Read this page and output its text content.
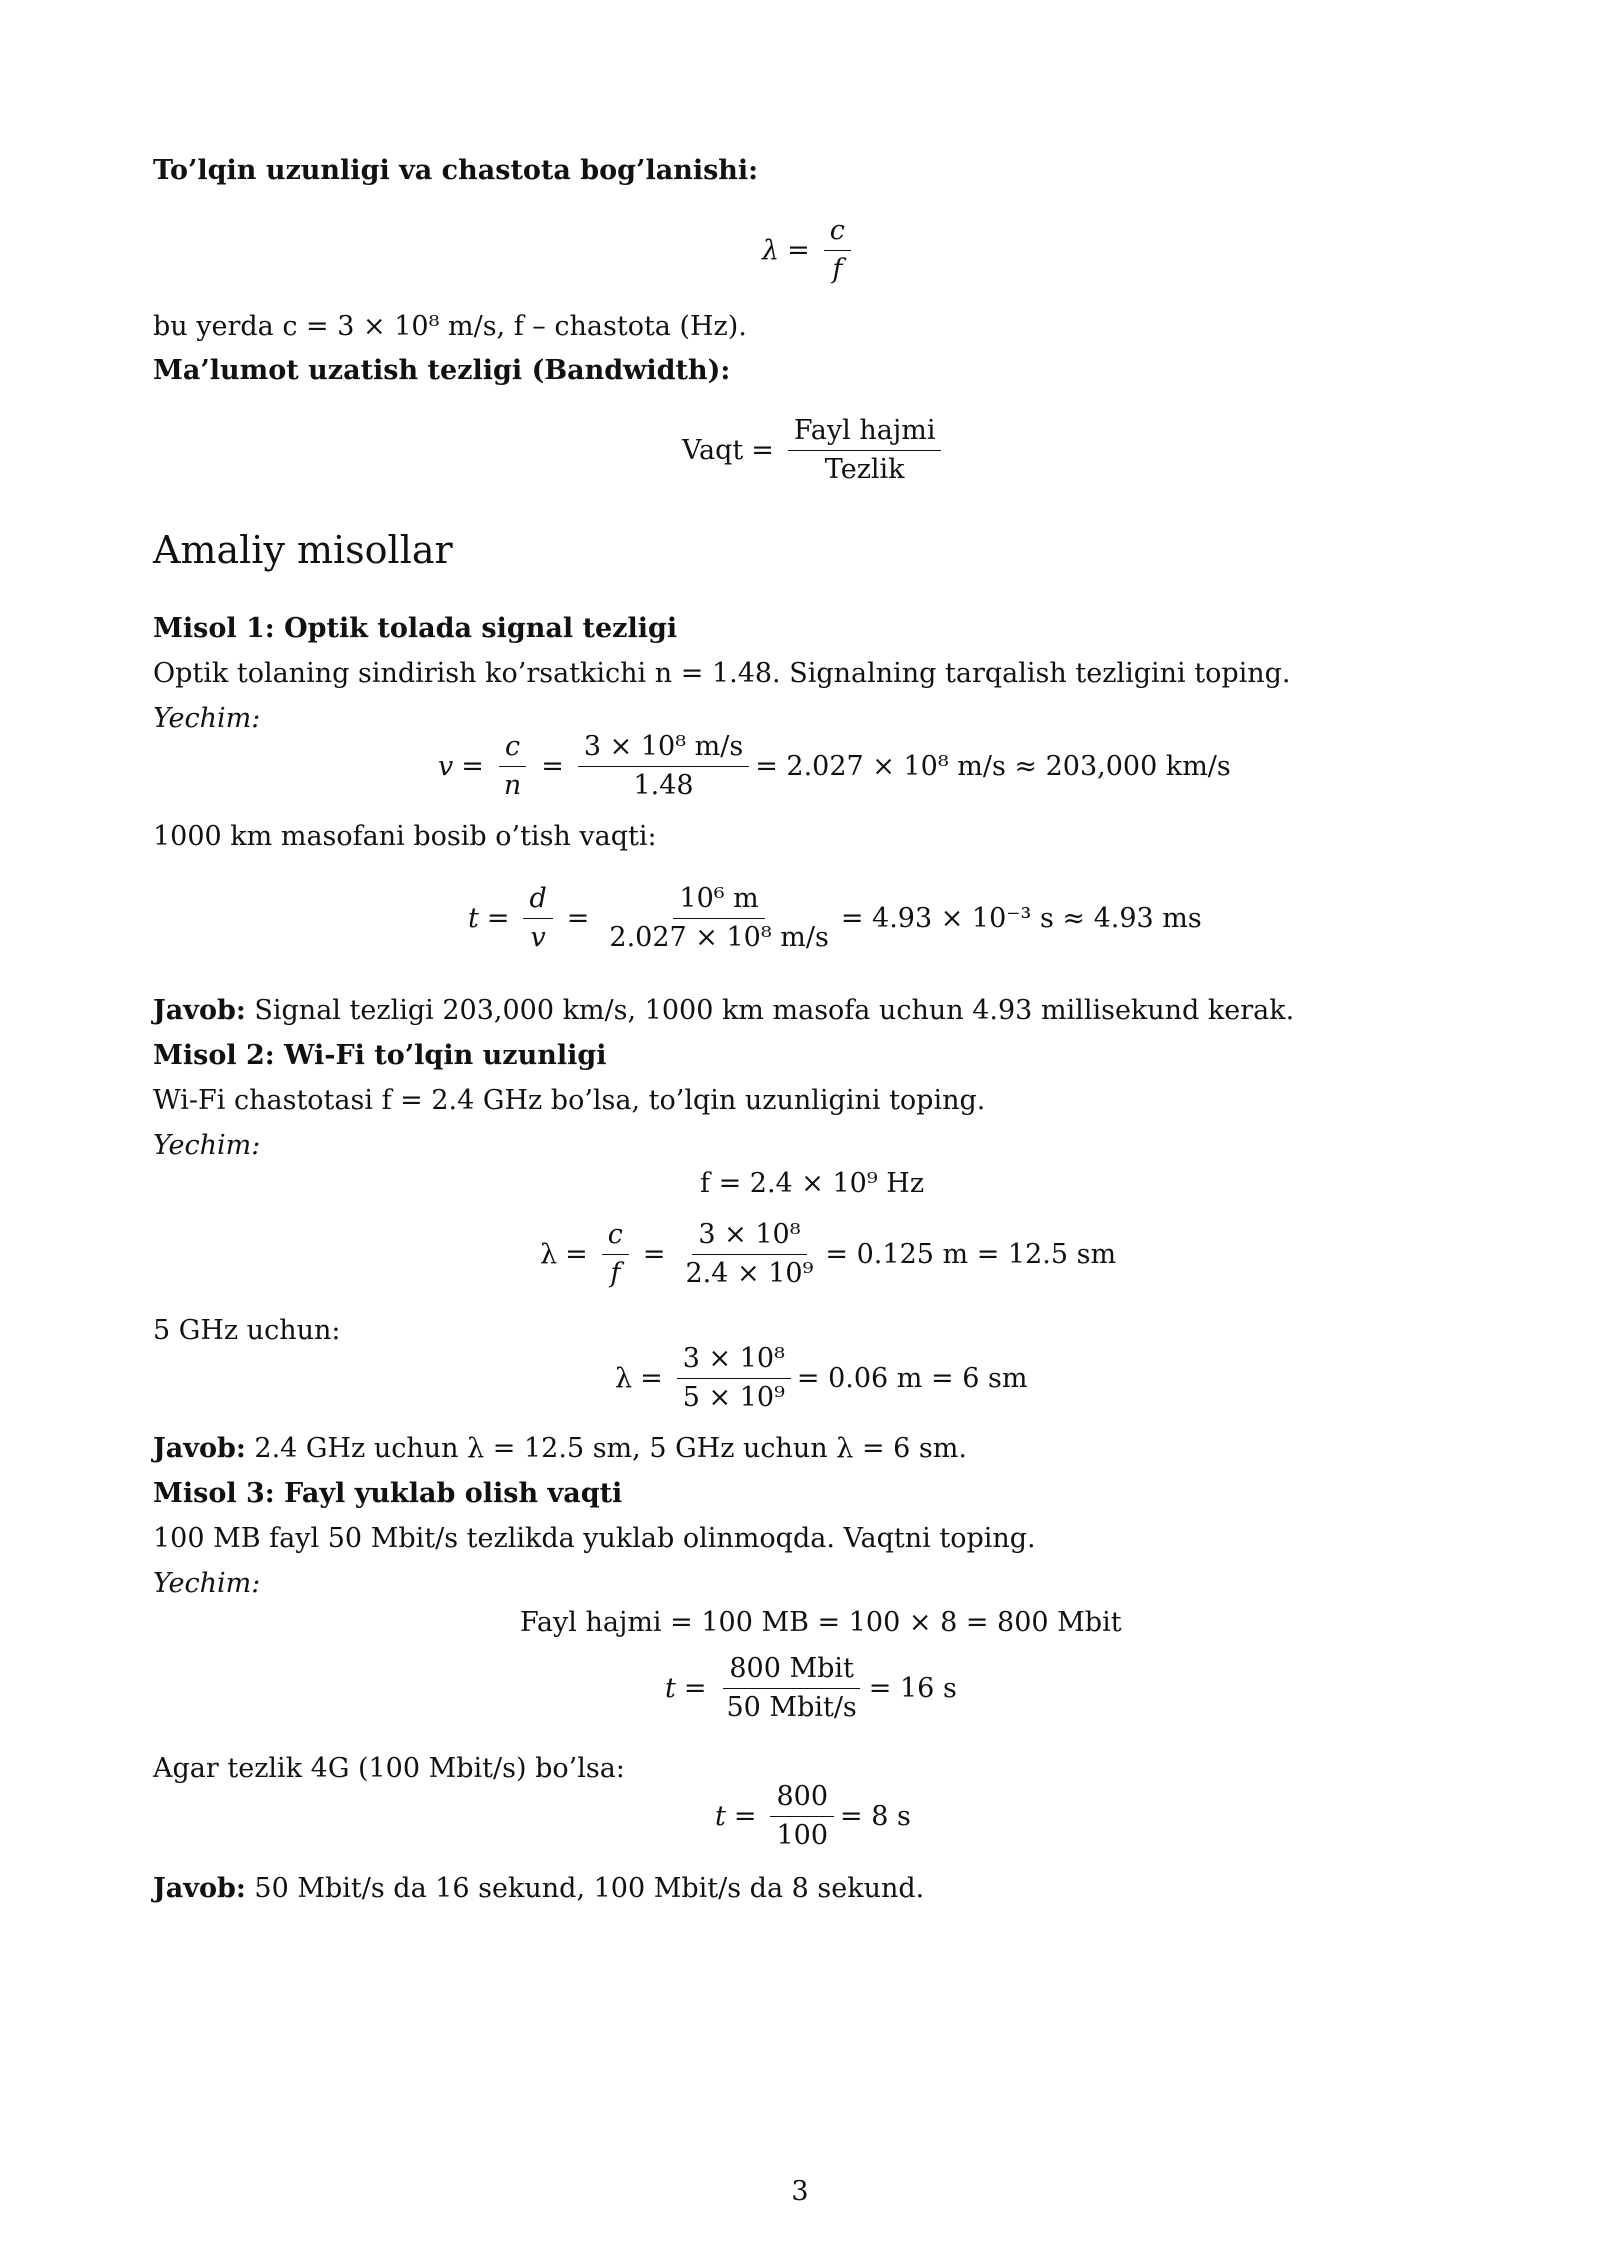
To’lqin uzunligi va chastota bog’lanishi:
$\lambda = \frac{c}{f}$
bu yerda c = 3 × 10⁸ m/s, f – chastota (Hz).
Ma’lumot uzatish tezligi (Bandwidth):
Vaqt = $\frac{\text{Fayl hajmi}}{\text{Tezlik}}$
Amaliy misollar
Misol 1: Optik tolada signal tezligi
Optik tolaning sindirish ko’rsatkichi n = 1.48. Signalning tarqalish tezligini toping.
Yechim:
$v = \frac{c}{n} = \frac{\text{3 × 10⁸ m/s}}{1.48} = 2.027 \times 10^8$ m/s ≈ 203,000 km/s
1000 km masofani bosib o’tish vaqti:
$t = \frac{d}{v} = \frac{\text{10⁶ m}}{\text{2.027 × 10⁸ m/s}} = 4.93 \times 10^{-3}$ s ≈ 4.93 ms
Javob: Signal tezligi 203,000 km/s, 1000 km masofa uchun 4.93 millisekund kerak.
Misol 2: Wi-Fi to’lqin uzunligi
Wi-Fi chastotasi f = 2.4 GHz bo’lsa, to’lqin uzunligini toping.
Yechim:
f = 2.4 × 10⁹ Hz
$\lambda = \frac{c}{f} = \frac{\text{3 × 10⁸}}{\text{2.4 × 10⁹}} = 0.125$ m = 12.5 sm
5 GHz uchun:
$\lambda = \frac{\text{3 × 10⁸}}{\text{5 × 10⁹}} = 0.06$ m = 6 sm
Javob: 2.4 GHz uchun λ = 12.5 sm, 5 GHz uchun λ = 6 sm.
Misol 3: Fayl yuklab olish vaqti
100 MB fayl 50 Mbit/s tezlikda yuklab olinmoqda. Vaqtni toping.
Yechim:
Fayl hajmi = 100 MB = 100 × 8 = 800 Mbit
$t = \frac{\text{800 Mbit}}{\text{50 Mbit/s}} = 16$ s
Agar tezlik 4G (100 Mbit/s) bo’lsa:
$t = \frac{800}{100} = 8$ s
Javob: 50 Mbit/s da 16 sekund, 100 Mbit/s da 8 sekund.
3
